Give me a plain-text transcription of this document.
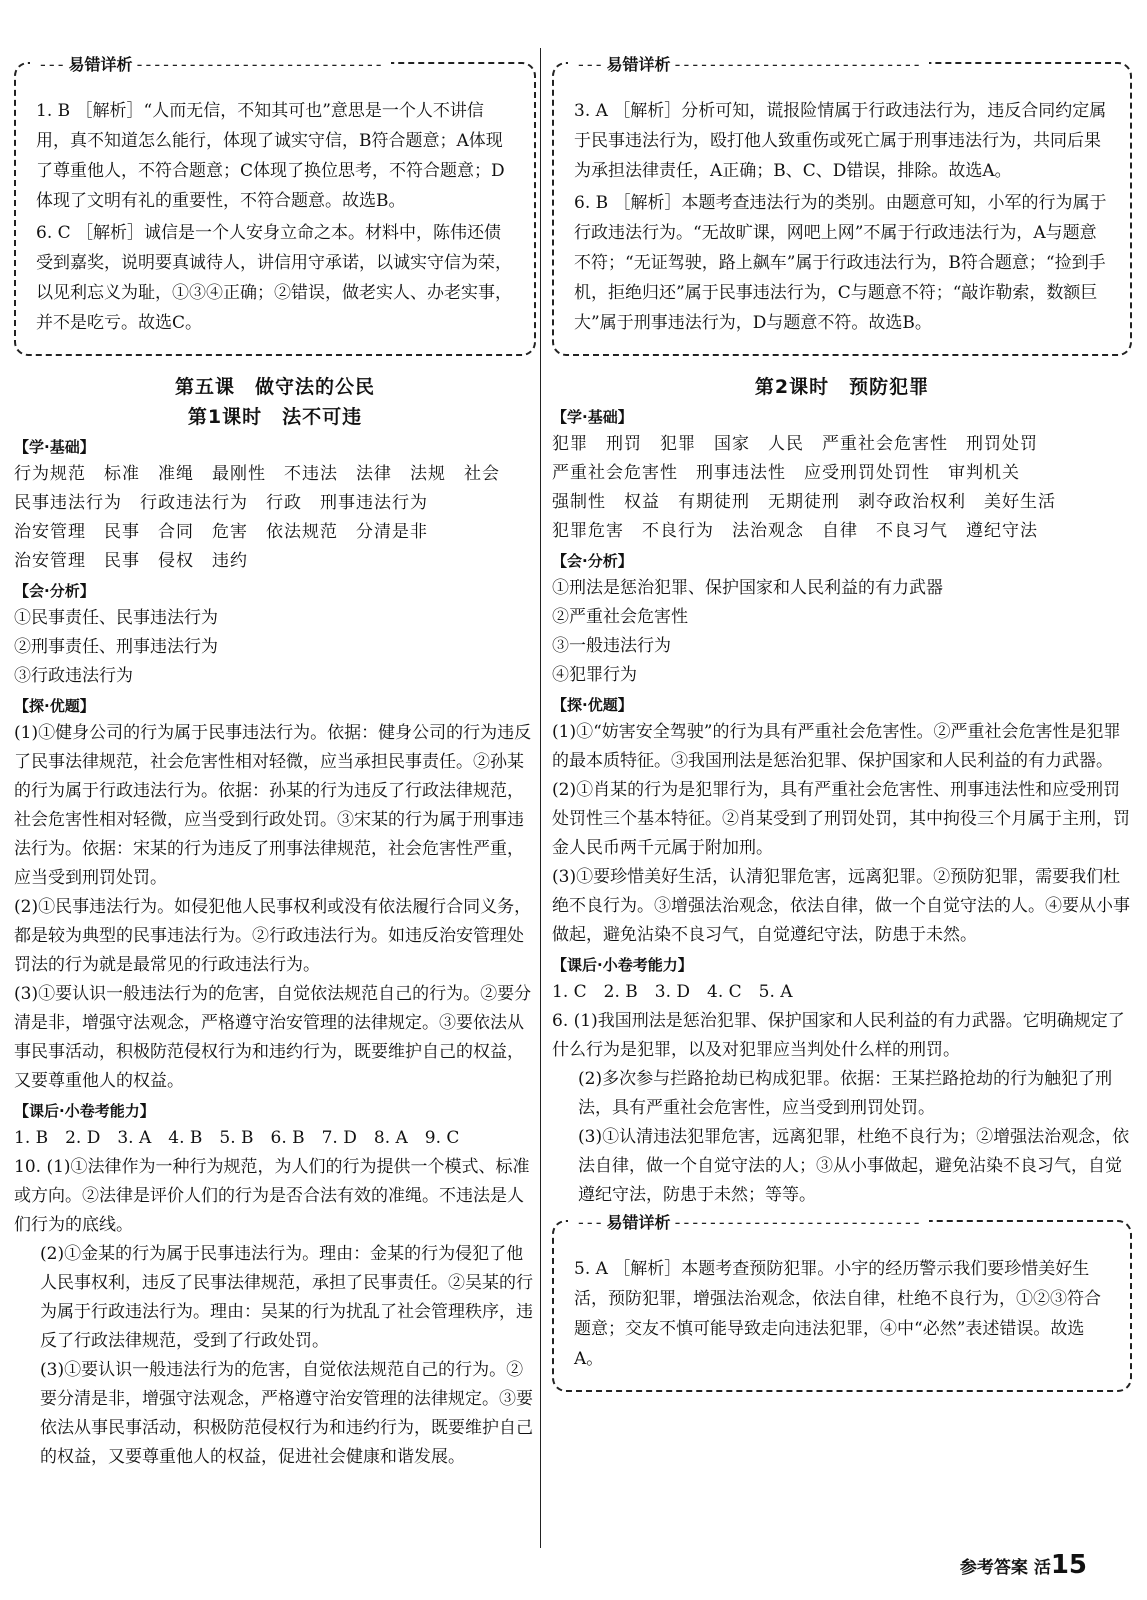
- - - 易错详析 - - -

1. B ［解析］“人而无信，不知其可也”意思是一个人不讲信用，真不知道怎么能行，体现了诚实守信，B符合题意；A体现了尊重他人，不符合题意；C体现了换位思考，不符合题意；D体现了文明有礼的重要性，不符合题意。故选B。

6. C ［解析］诚信是一个人安身立命之本。材料中，陈伟还债受到嘉奖，说明要真诚待人，讲信用守承诺，以诚实守信为荣，以见利忘义为耻，①③④正确；②错误，做老实人、办老实事，并不是吃亏。故选C。

第五课　做守法的公民

第1课时　法不可违

【学·基础】

行为规范　标准　准绳　最刚性　不违法　法律　法规　社会

民事违法行为　行政违法行为　行政　刑事违法行为

治安管理　民事　合同　危害　依法规范　分清是非

治安管理　民事　侵权　违约

【会·分析】

①民事责任、民事违法行为

②刑事责任、刑事违法行为

③行政违法行为

【探·优题】

(1)①健身公司的行为属于民事违法行为。依据：健身公司的行为违反了民事法律规范，社会危害性相对轻微，应当承担民事责任。②孙某的行为属于行政违法行为。依据：孙某的行为违反了行政法律规范，社会危害性相对轻微，应当受到行政处罚。③宋某的行为属于刑事违法行为。依据：宋某的行为违反了刑事法律规范，社会危害性严重，应当受到刑罚处罚。

(2)①民事违法行为。如侵犯他人民事权利或没有依法履行合同义务，都是较为典型的民事违法行为。②行政违法行为。如违反治安管理处罚法的行为就是最常见的行政违法行为。

(3)①要认识一般违法行为的危害，自觉依法规范自己的行为。②要分清是非，增强守法观念，严格遵守治安管理的法律规定。③要依法从事民事活动，积极防范侵权行为和违约行为，既要维护自己的权益，又要尊重他人的权益。

【课后·小卷考能力】

1. B　2. D　3. A　4. B　5. B　6. B　7. D　8. A　9. C

10. (1)①法律作为一种行为规范，为人们的行为提供一个模式、标准或方向。②法律是评价人们的行为是否合法有效的准绳。不违法是人们行为的底线。

(2)①金某的行为属于民事违法行为。理由：金某的行为侵犯了他人民事权利，违反了民事法律规范，承担了民事责任。②吴某的行为属于行政违法行为。理由：吴某的行为扰乱了社会管理秩序，违反了行政法律规范，受到了行政处罚。

(3)①要认识一般违法行为的危害，自觉依法规范自己的行为。②要分清是非，增强守法观念，严格遵守治安管理的法律规定。③要依法从事民事活动，积极防范侵权行为和违约行为，既要维护自己的权益，又要尊重他人的权益，促进社会健康和谐发展。

- - - 易错详析 - - -

3. A ［解析］分析可知，谎报险情属于行政违法行为，违反合同约定属于民事违法行为，殴打他人致重伤或死亡属于刑事违法行为，共同后果为承担法律责任，A正确；B、C、D错误，排除。故选A。

6. B ［解析］本题考查违法行为的类别。由题意可知，小军的行为属于行政违法行为。“无故旷课，网吧上网”不属于行政违法行为，A与题意不符；“无证驾驶，路上飙车”属于行政违法行为，B符合题意；“捡到手机，拒绝归还”属于民事违法行为，C与题意不符；“敲诈勒索，数额巨大”属于刑事违法行为，D与题意不符。故选B。

第2课时　预防犯罪

【学·基础】

犯罪　刑罚　犯罪　国家　人民　严重社会危害性　刑罚处罚

严重社会危害性　刑事违法性　应受刑罚处罚性　审判机关

强制性　权益　有期徒刑　无期徒刑　剥夺政治权利　美好生活

犯罪危害　不良行为　法治观念　自律　不良习气　遵纪守法

【会·分析】

①刑法是惩治犯罪、保护国家和人民利益的有力武器

②严重社会危害性

③一般违法行为

④犯罪行为

【探·优题】

(1)①“妨害安全驾驶”的行为具有严重社会危害性。②严重社会危害性是犯罪的最本质特征。③我国刑法是惩治犯罪、保护国家和人民利益的有力武器。

(2)①肖某的行为是犯罪行为，具有严重社会危害性、刑事违法性和应受刑罚处罚性三个基本特征。②肖某受到了刑罚处罚，其中拘役三个月属于主刑，罚金人民币两千元属于附加刑。

(3)①要珍惜美好生活，认清犯罪危害，远离犯罪。②预防犯罪，需要我们杜绝不良行为。③增强法治观念，依法自律，做一个自觉守法的人。④要从小事做起，避免沾染不良习气，自觉遵纪守法，防患于未然。

【课后·小卷考能力】

1. C　2. B　3. D　4. C　5. A

6. (1)我国刑法是惩治犯罪、保护国家和人民利益的有力武器。它明确规定了什么行为是犯罪，以及对犯罪应当判处什么样的刑罚。

(2)多次参与拦路抢劫已构成犯罪。依据：王某拦路抢劫的行为触犯了刑法，具有严重社会危害性，应当受到刑罚处罚。

(3)①认清违法犯罪危害，远离犯罪，杜绝不良行为；②增强法治观念，依法自律，做一个自觉守法的人；③从小事做起，避免沾染不良习气，自觉遵纪守法，防患于未然；等等。

- - - 易错详析 - - -

5. A ［解析］本题考查预防犯罪。小宇的经历警示我们要珍惜美好生活，预防犯罪，增强法治观念，依法自律，杜绝不良行为，①②③符合题意；交友不慎可能导致走向违法犯罪，④中“必然”表述错误。故选A。

参考答案 活15
